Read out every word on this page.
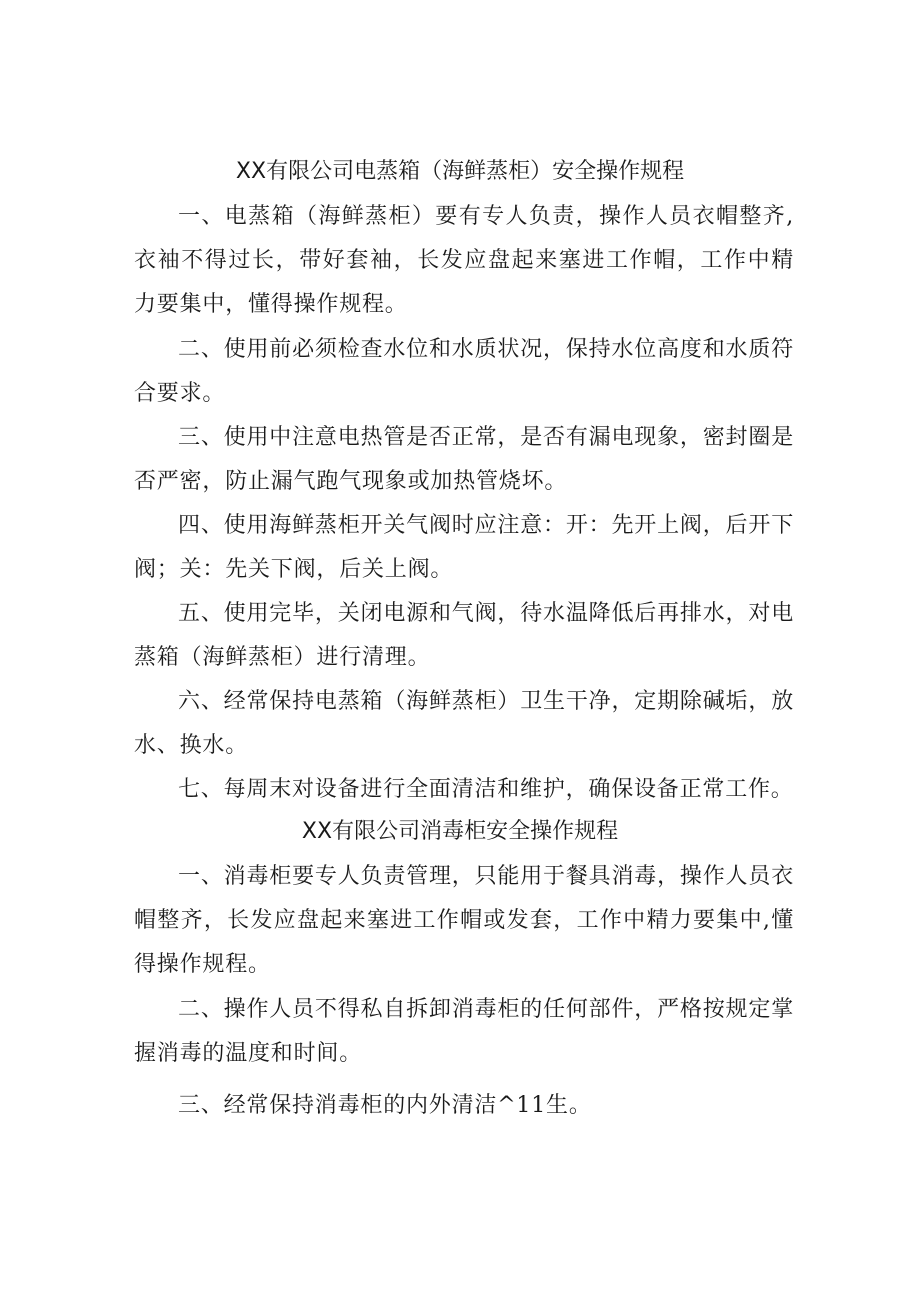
XX有限公司电蒸箱（海鲜蒸柜）安全操作规程

一、电蒸箱（海鲜蒸柜）要有专人负责，操作人员衣帽整齐,衣袖不得过长，带好套袖，长发应盘起来塞进工作帽，工作中精力要集中，懂得操作规程。

二、使用前必须检查水位和水质状况，保持水位高度和水质符合要求。

三、使用中注意电热管是否正常，是否有漏电现象，密封圈是否严密，防止漏气跑气现象或加热管烧坏。

四、使用海鲜蒸柜开关气阀时应注意：开：先开上阀，后开下阀；关：先关下阀，后关上阀。

五、使用完毕，关闭电源和气阀，待水温降低后再排水，对电蒸箱（海鲜蒸柜）进行清理。

六、经常保持电蒸箱（海鲜蒸柜）卫生干净，定期除碱垢，放水、换水。

七、每周末对设备进行全面清洁和维护，确保设备正常工作。

XX有限公司消毒柜安全操作规程

一、消毒柜要专人负责管理，只能用于餐具消毒，操作人员衣帽整齐，长发应盘起来塞进工作帽或发套，工作中精力要集中,懂得操作规程。

二、操作人员不得私自拆卸消毒柜的任何部件，严格按规定掌握消毒的温度和时间。

三、经常保持消毒柜的内外清洁^11生。
